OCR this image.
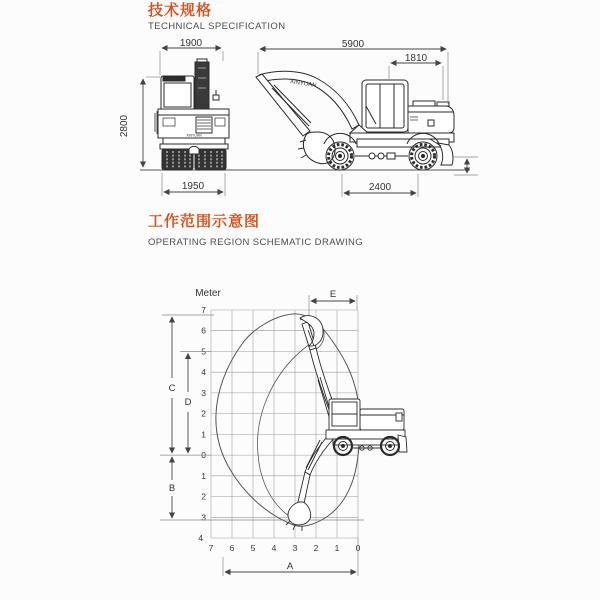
技术规格
TECHNICAL SPECIFICATION
XINYUAN
XINYUAN
1900
2800
1950
XINYUAN
5900
1810
2400
工作范围示意图
OPERATING REGION SCHEMATIC DRAWING
Meter
7
6
5
4
3
2
1
0
1
2
3
4
7 6 5 4 3 2 1 0
C
D
B
A
E
